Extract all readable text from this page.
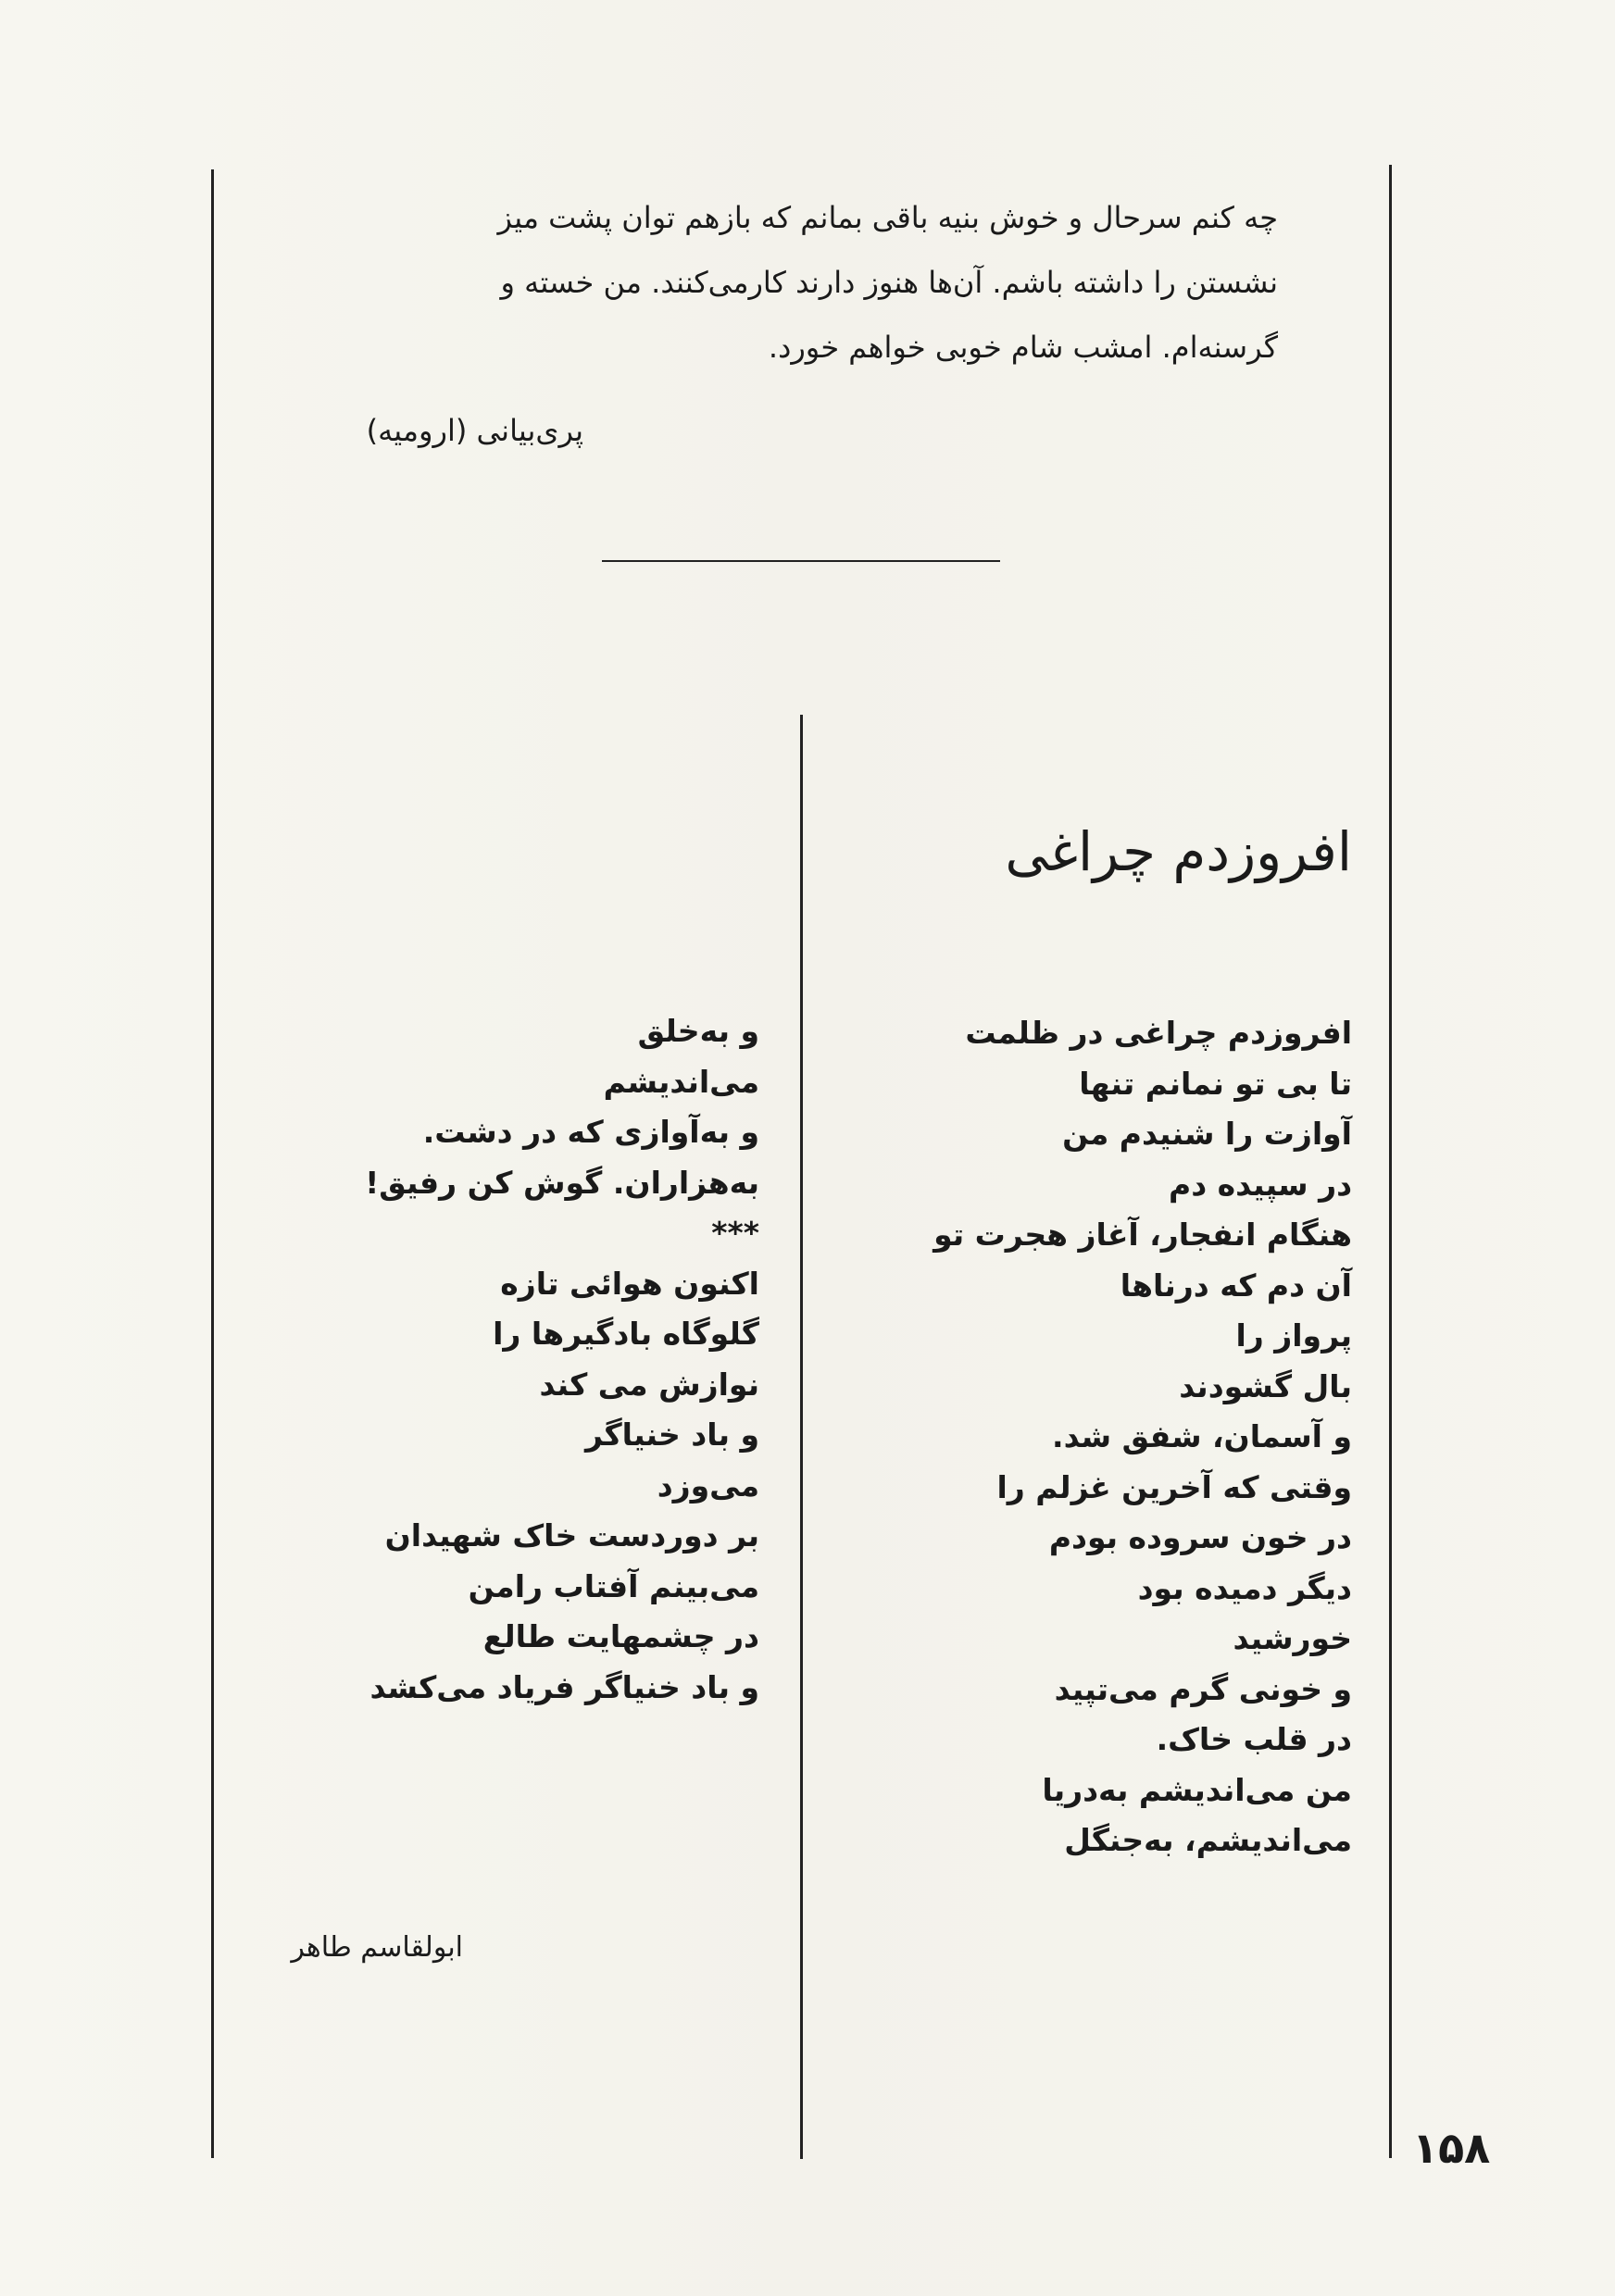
چه کنم سرحال و خوش بنیه باقی بمانم که بازهم توان پشت میز
نشستن را داشته باشم. آن‌ها هنوز دارند کارمی‌کنند. من خسته و
گرسنه‌ام. امشب شام خوبی خواهم خورد.
پری‌بیانی (ارومیه)
افروزدم چراغی
افروزدم چراغی در ظلمت
تا بی تو نمانم تنها
آوازت را شنیدم من
در سپیده دم
هنگام انفجار، آغاز هجرت تو
آن دم که درناها
پرواز را
بال گشودند
و آسمان، شفق شد.
وقتی که آخرین غزلم را
در خون سروده بودم
دیگر دمیده بود
خورشید
و خونی گرم می‌تپید
در قلب خاک.
من می‌اندیشم به‌دریا
می‌اندیشم، به‌جنگل
و به‌خلق
می‌اندیشم
و به‌آوازی که در دشت.
به‌هزاران. گوش کن رفیق!
***
اکنون هوائی تازه
گلوگاه بادگیرها را
نوازش می کند
و باد خنیاگر
می‌وزد
بر دوردست خاک شهیدان
می‌بینم آفتاب رامن
در چشمهایت طالع
و باد خنیاگر فریاد می‌کشد
ابولقاسم طاهر
۱۵۸
